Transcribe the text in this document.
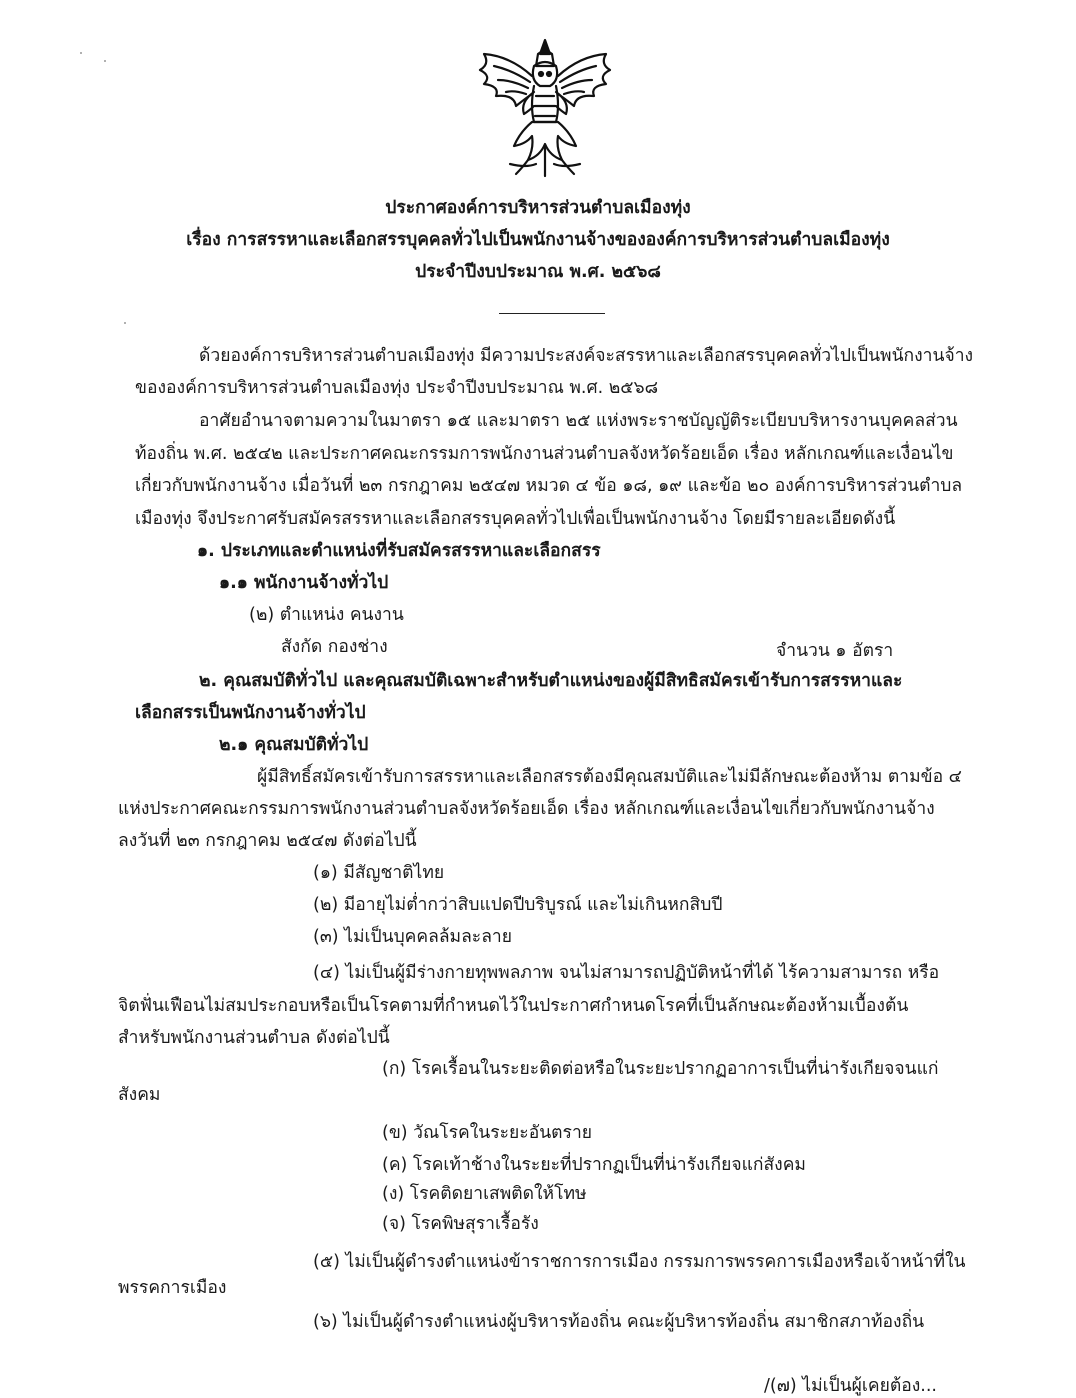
ประกาศองค์การบริหารส่วนตำบลเมืองทุ่ง
เรื่อง การสรรหาและเลือกสรรบุคคลทั่วไปเป็นพนักงานจ้างขององค์การบริหารส่วนตำบลเมืองทุ่ง
ประจำปีงบประมาณ พ.ศ. ๒๕๖๘
ด้วยองค์การบริหารส่วนตำบลเมืองทุ่ง มีความประสงค์จะสรรหาและเลือกสรรบุคคลทั่วไปเป็นพนักงานจ้าง
ขององค์การบริหารส่วนตำบลเมืองทุ่ง ประจำปีงบประมาณ พ.ศ. ๒๕๖๘
อาศัยอำนาจตามความในมาตรา ๑๕ และมาตรา ๒๕ แห่งพระราชบัญญัติระเบียบบริหารงานบุคคลส่วน
ท้องถิ่น พ.ศ. ๒๕๔๒ และประกาศคณะกรรมการพนักงานส่วนตำบลจังหวัดร้อยเอ็ด เรื่อง หลักเกณฑ์และเงื่อนไข
เกี่ยวกับพนักงานจ้าง เมื่อวันที่ ๒๓ กรกฎาคม ๒๕๔๗ หมวด ๔ ข้อ ๑๘, ๑๙ และข้อ ๒๐ องค์การบริหารส่วนตำบล
เมืองทุ่ง จึงประกาศรับสมัครสรรหาและเลือกสรรบุคคลทั่วไปเพื่อเป็นพนักงานจ้าง โดยมีรายละเอียดดังนี้
๑. ประเภทและตำแหน่งที่รับสมัครสรรหาและเลือกสรร
๑.๑ พนักงานจ้างทั่วไป
(๒) ตำแหน่ง คนงาน
สังกัด กองช่าง	จำนวน ๑ อัตรา
๒. คุณสมบัติทั่วไป และคุณสมบัติเฉพาะสำหรับตำแหน่งของผู้มีสิทธิสมัครเข้ารับการสรรหาและ
เลือกสรรเป็นพนักงานจ้างทั่วไป
๒.๑ คุณสมบัติทั่วไป
ผู้มีสิทธิ์สมัครเข้ารับการสรรหาและเลือกสรรต้องมีคุณสมบัติและไม่มีลักษณะต้องห้าม ตามข้อ ๔
แห่งประกาศคณะกรรมการพนักงานส่วนตำบลจังหวัดร้อยเอ็ด เรื่อง หลักเกณฑ์และเงื่อนไขเกี่ยวกับพนักงานจ้าง
ลงวันที่ ๒๓ กรกฎาคม ๒๕๔๗ ดังต่อไปนี้
(๑) มีสัญชาติไทย
(๒) มีอายุไม่ต่ำกว่าสิบแปดปีบริบูรณ์ และไม่เกินหกสิบปี
(๓) ไม่เป็นบุคคลล้มละลาย
(๔) ไม่เป็นผู้มีร่างกายทุพพลภาพ จนไม่สามารถปฏิบัติหน้าที่ได้ ไร้ความสามารถ หรือ
จิตฟั่นเฟือนไม่สมประกอบหรือเป็นโรคตามที่กำหนดไว้ในประกาศกำหนดโรคที่เป็นลักษณะต้องห้ามเบื้องต้น
สำหรับพนักงานส่วนตำบล ดังต่อไปนี้
(ก) โรคเรื้อนในระยะติดต่อหรือในระยะปรากฏอาการเป็นที่น่ารังเกียจจนแก่
สังคม
(ข) วัณโรคในระยะอันตราย
(ค) โรคเท้าช้างในระยะที่ปรากฏเป็นที่น่ารังเกียจแก่สังคม
(ง) โรคติดยาเสพติดให้โทษ
(จ) โรคพิษสุราเรื้อรัง
(๕) ไม่เป็นผู้ดำรงตำแหน่งข้าราชการการเมือง กรรมการพรรคการเมืองหรือเจ้าหน้าที่ใน
พรรคการเมือง
(๖) ไม่เป็นผู้ดำรงตำแหน่งผู้บริหารท้องถิ่น คณะผู้บริหารท้องถิ่น สมาชิกสภาท้องถิ่น
/(๗) ไม่เป็นผู้เคยต้อง...
